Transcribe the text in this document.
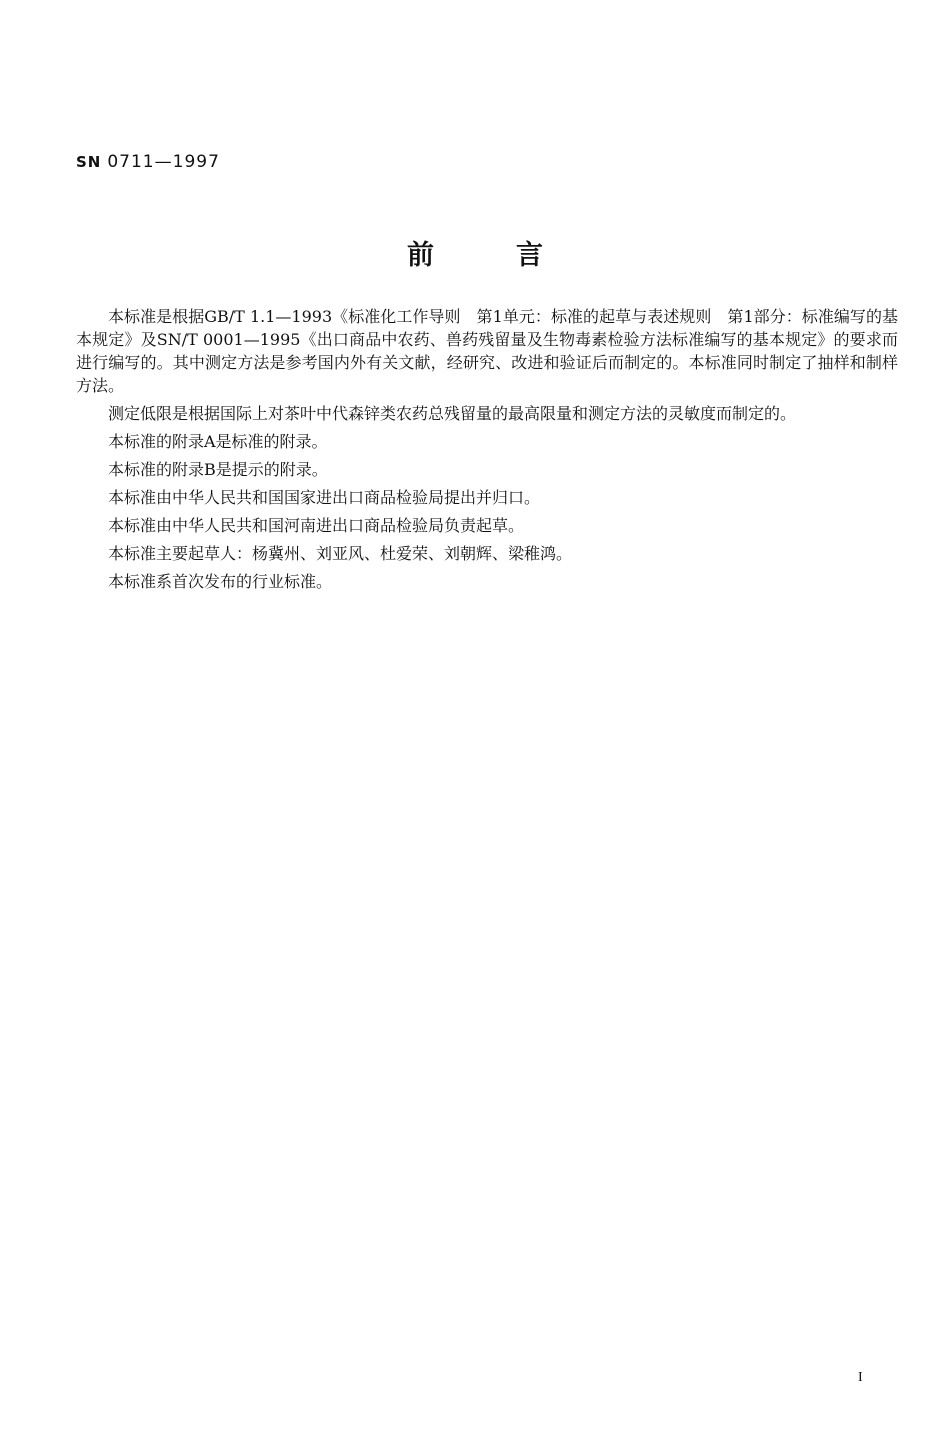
SN 0711—1997
前言

本标准是根据GB/T 1.1—1993《标准化工作导则　第1单元：标准的起草与表述规则　第1部分：标准编写的基本规定》及SN/T 0001—1995《出口商品中农药、兽药残留量及生物毒素检验方法标准编写的基本规定》的要求而进行编写的。其中测定方法是参考国内外有关文献，经研究、改进和验证后而制定的。本标准同时制定了抽样和制样方法。

测定低限是根据国际上对茶叶中代森锌类农药总残留量的最高限量和测定方法的灵敏度而制定的。

本标准的附录A是标准的附录。

本标准的附录B是提示的附录。

本标准由中华人民共和国国家进出口商品检验局提出并归口。

本标准由中华人民共和国河南进出口商品检验局负责起草。

本标准主要起草人：杨冀州、刘亚风、杜爱荣、刘朝辉、梁稚鸿。

本标准系首次发布的行业标准。

I
